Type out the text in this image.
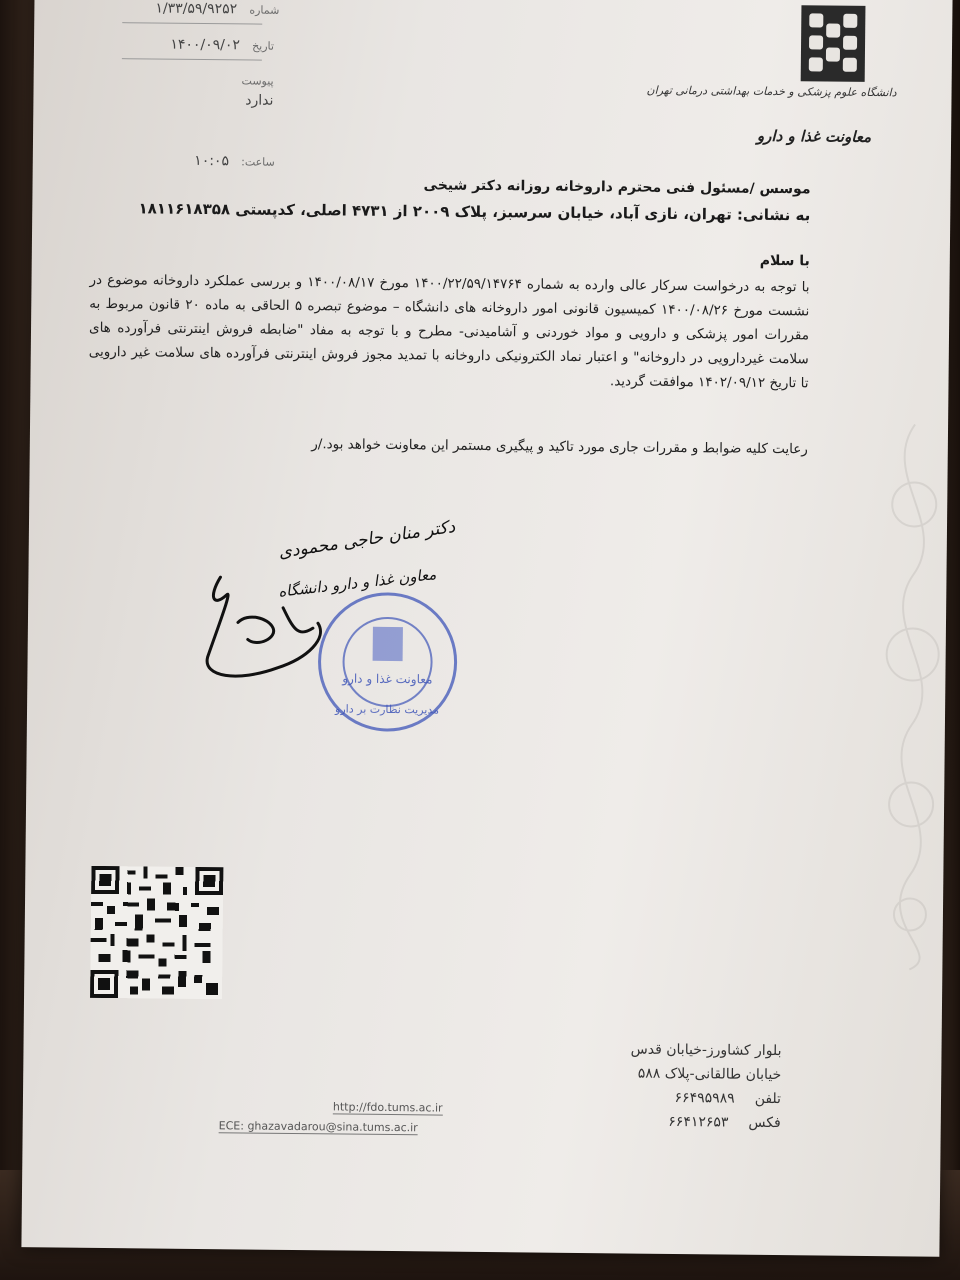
شماره ۱/۳۳/۵۹/۹۲۵۲
تاریخ ۱۴۰۰/۰۹/۰۲
پیوست
ندارد
ساعت: ۱۰:۰۵
دانشگاه علوم پزشکی و خدمات بهداشتی درمانی تهران
معاونت غذا و دارو
موسس /مسئول فنی محترم داروخانه روزانه دکتر شیخی
به نشانی: تهران، نازی آباد، خیابان سرسبز، پلاک ۲۰۰۹ از ۴۷۳۱ اصلی، کدپستی ۱۸۱۱۶۱۸۳۵۸
با سلام

با توجه به درخواست سرکار عالی وارده به شماره ۱۴۰۰/۲۲/۵۹/۱۴۷۶۴ مورخ ۱۴۰۰/۰۸/۱۷ و بررسی عملکرد داروخانه موضوع در نشست مورخ ۱۴۰۰/۰۸/۲۶ کمیسیون قانونی امور داروخانه های دانشگاه – موضوع تبصره ۵ الحاقی به ماده ۲۰ قانون مربوط به مقررات امور پزشکی و دارویی و مواد خوردنی و آشامیدنی- مطرح و با توجه به مفاد "ضابطه فروش اینترنتی فرآورده های سلامت غیردارویی در داروخانه" و اعتبار نماد الکترونیکی داروخانه با تمدید مجوز فروش اینترنتی فرآورده های سلامت غیر دارویی تا تاریخ ۱۴۰۲/۰۹/۱۲ موافقت گردید.

رعایت کلیه ضوابط و مقررات جاری مورد تاکید و پیگیری مستمر این معاونت خواهد بود./ر
دکتر منان حاجی محمودی
معاون غذا و دارو دانشگاه
معاونت غذا و دارو
مدیریت نظارت بر دارو
بلوار کشاورز-خیابان قدس
خیابان طالقانی-پلاک ۵۸۸
تلفن
۶۶۴۹۵۹۸۹
فکس
۶۶۴۱۲۶۵۳
http://fdo.tums.ac.ir
ECE: ghazavadarou@sina.tums.ac.ir
